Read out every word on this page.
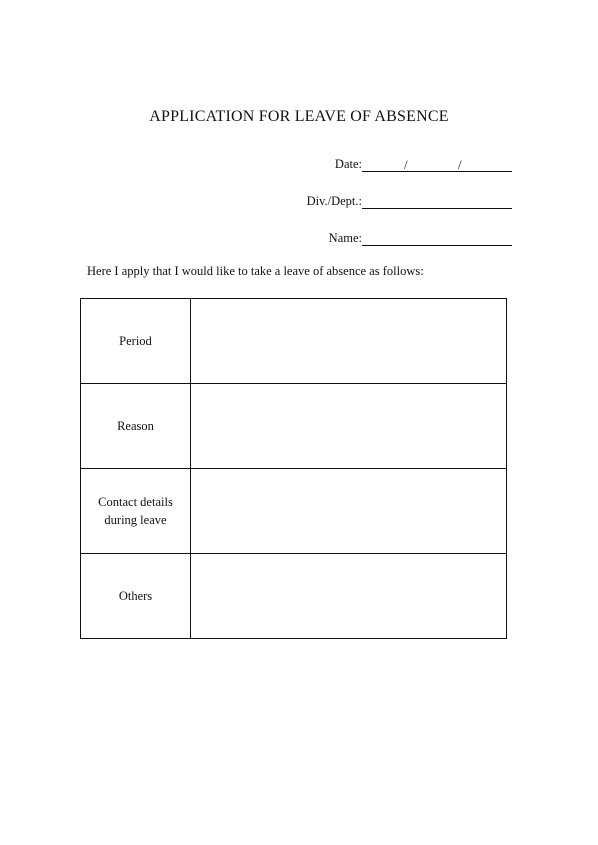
APPLICATION FOR LEAVE OF ABSENCE
Date:	/	/
Div./Dept.:
Name:
Here I apply that I would like to take a leave of absence as follows:
Period	
Reason	
Contact details during leave	
Others	
